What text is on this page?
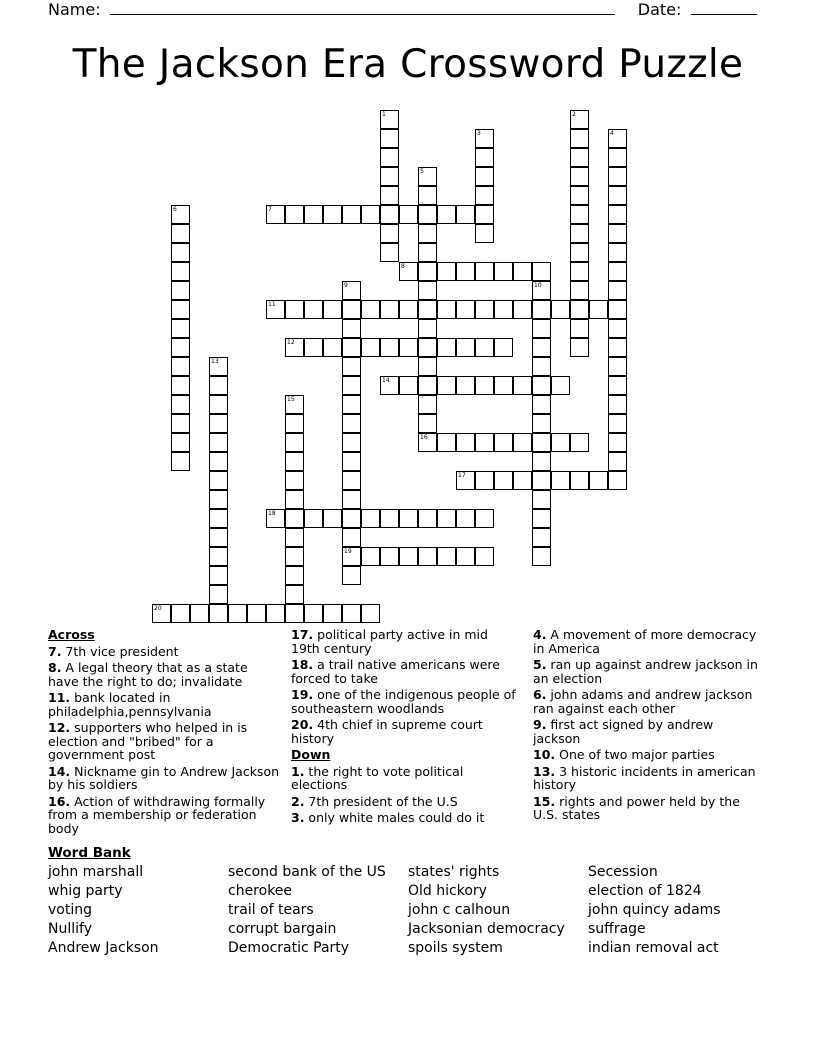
Name:	Date:
The Jackson Era Crossword Puzzle
1	2
3	4
5
6	7
8
9	10
11
12
13
14
15
16
17
18
19
20
Across
7. 7th vice president
8. A legal theory that as a state have the right to do; invalidate
11. bank located in philadelphia,pennsylvania
12. supporters who helped in is election and "bribed" for a government post
14. Nickname gin to Andrew Jackson by his soldiers
16. Action of withdrawing formally from a membership or federation body
17. political party active in mid 19th century
18. a trail native americans were forced to take
19. one of the indigenous people of southeastern woodlands
20. 4th chief in supreme court history
Down
1. the right to vote political elections
2. 7th president of the U.S
3. only white males could do it
4. A movement of more democracy in America
5. ran up against andrew jackson in an election
6. john adams and andrew jackson ran against each other
9. first act signed by andrew jackson
10. One of two major parties
13. 3 historic incidents in american history
15. rights and power held by the U.S. states
Word Bank
john marshall	second bank of the US	states' rights	Secession
whig party	cherokee	Old hickory	election of 1824
voting	trail of tears	john c calhoun	john quincy adams
Nullify	corrupt bargain	Jacksonian democracy	suffrage
Andrew Jackson	Democratic Party	spoils system	indian removal act
